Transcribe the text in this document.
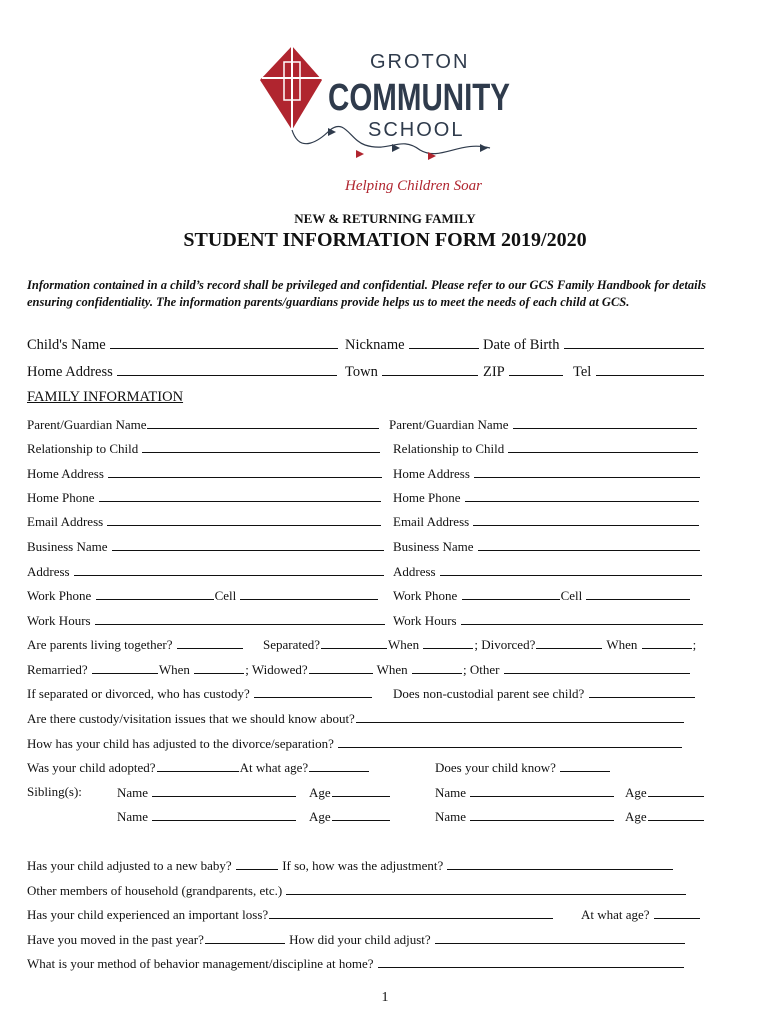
GROTON
COMMUNITY
SCHOOL
Helping Children Soar
NEW & RETURNING FAMILY
STUDENT INFORMATION FORM 2019/2020
Information contained in a child’s record shall be privileged and confidential. Please refer to our GCS Family Handbook for details ensuring confidentiality. The information parents/guardians provide helps us to meet the needs of each child at GCS.
Child's Name	Nickname	Date of Birth
Home Address	Town	ZIP	Tel
FAMILY INFORMATION
Parent/Guardian Name	Parent/Guardian Name
Relationship to Child	Relationship to Child
Home Address	Home Address
Home Phone	Home Phone
Email Address	Email Address
Business Name	Business Name
Address	Address
Work Phone	Cell	Work Phone	Cell
Work Hours	Work Hours
Are parents living together?	Separated?	When	; Divorced?	When	;
Remarried?	When	; Widowed?	When	; Other
If separated or divorced, who has custody?	Does non-custodial parent see child?
Are there custody/visitation issues that we should know about?
How has your child has adjusted to the divorce/separation?
Was your child adopted?	At what age?	Does your child know?
Sibling(s):	Name	Age	Name	Age
Name	Age	Name	Age
Has your child adjusted to a new baby?	If so, how was the adjustment?
Other members of household (grandparents, etc.)
Has your child experienced an important loss?	At what age?
Have you moved in the past year?	How did your child adjust?
What is your method of behavior management/discipline at home?
1
